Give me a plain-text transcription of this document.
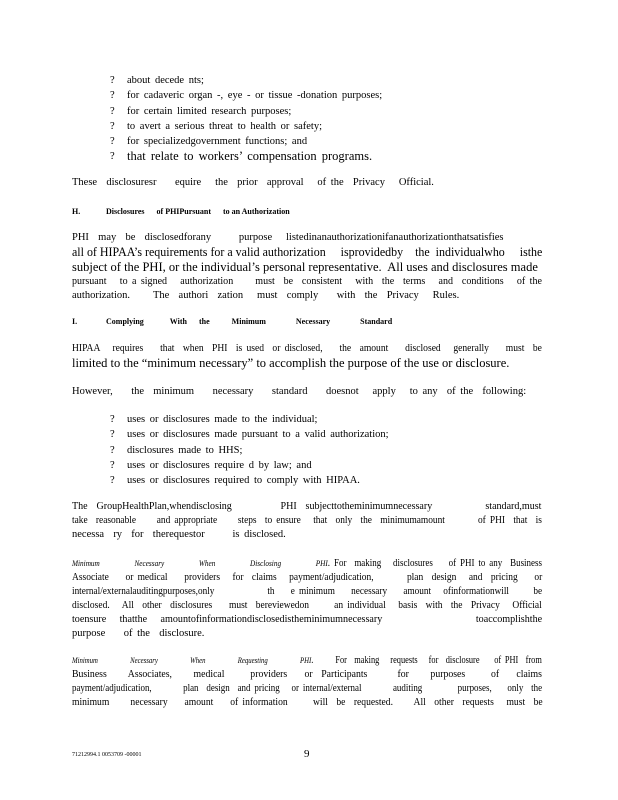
? about decede nts;
? for cadaveric organ -, eye - or tissue -donation purposes;
? for certain limited research purposes;
? to avert a serious threat to health or safety;
? for specializedgovernment functions; and
? that relate to workers’ compensation programs.
These  disclosuresr    equire   the  prior  approval   of the  Privacy   Official.
H.	Disclosures of PHIPursuant to an Authorization
PHI  may  be  disclosedforany      purpose   listedinanauthorizationifanauthorizationthatsatisfies
all of HIPAA’s requirements for a valid authorization     isprovidedby    the  individualwho     isthe
subject of the PHI, or the individual’s personal representative.  All uses and disclosures made
pursuant   to a signed   authorization     must  be  consistent   with  the  terms   and  conditions   of the
authorization.     The  authori  zation   must  comply    with  the  Privacy   Rules.
I.	Complying	With the	Minimum	Necessary	Standard
HIPAA   requires    that  when  PHI  is used  or disclosed,    the  amount    disclosed   generally    must  be
limited to the “minimum necessary” to accomplish the purpose of the use or disclosure.
However,    the  minimum    necessary    standard    doesnot   apply   to any  of the  following:
? uses or disclosures made to the individual;
? uses or disclosures made pursuant to a valid authorization;
? disclosures made to HHS;
? uses or disclosures require d by law; and
? uses or disclosures required to comply with HIPAA.
The  GroupHealthPlan,whendisclosing           PHI  subjecttotheminimumnecessary            standard,must
take  reasonable     and appropriate     steps  to ensure   that  only  the  minimumamount        of PHI  that  is
necessa  ry  for  therequestor      is disclosed.
Minimum     Necessary     When     Disclosing     PHI. For  making   disclosures    of PHI to any  Business
Associate    or medical    providers   for  claims   payment/adjudication,        plan  design   and  pricing    or
internal/externalauditingpurposes,only             th    e minimum    necessary    amount   ofinformationwill      be
disclosed.   All  other  disclosures    must  bereviewedon      an individual   basis  with  the  Privacy   Official
toensure   thatthe   amountofinformationdisclosedistheminimumnecessary                     toaccomplishthe
purpose    of the  disclosure.
Minimum     Necessary     When     Requesting     PHI.      For  making   requests   for  disclosure    of PHI  from
Business     Associates,     medical      providers    or  Participants       for     purposes      of    claims
payment/adjudication,        plan  design  and pricing   or internal/external        auditing         purposes,    only  the
minimum     necessary    amount    of information      will  be  requested.     All  other  requests   must  be
71212994.1 0053709 -00001	9
